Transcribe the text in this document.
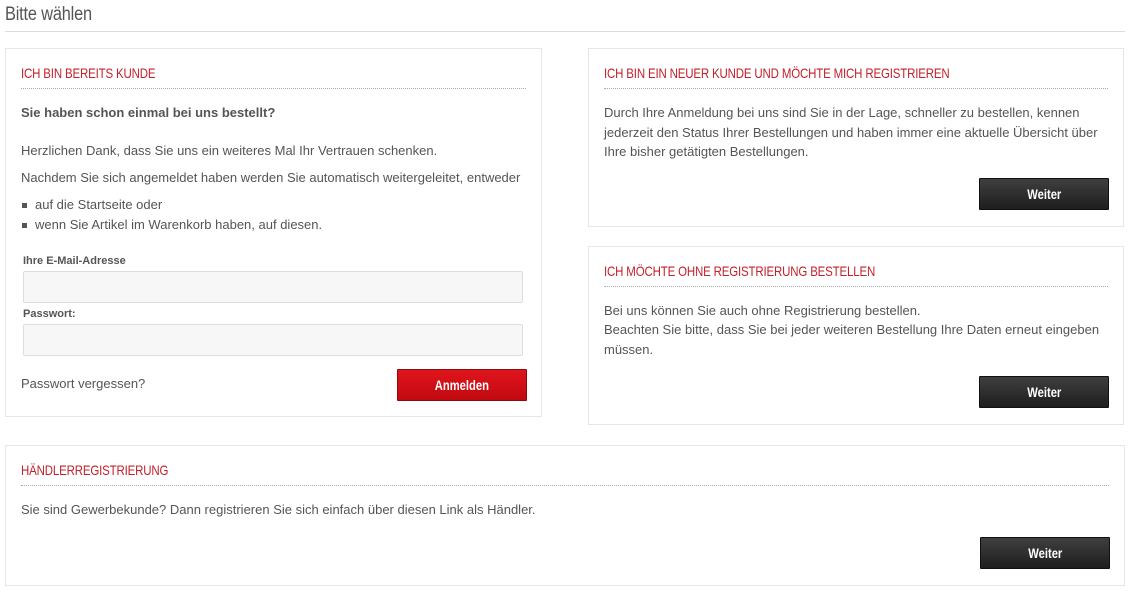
Bitte wählen
ICH BIN BEREITS KUNDE
Sie haben schon einmal bei uns bestellt?
Herzlichen Dank, dass Sie uns ein weiteres Mal Ihr Vertrauen schenken.
Nachdem Sie sich angemeldet haben werden Sie automatisch weitergeleitet, entweder
auf die Startseite oder
wenn Sie Artikel im Warenkorb haben, auf diesen.
Ihre E-Mail-Adresse
Passwort:
Passwort vergessen?	Anmelden
ICH BIN EIN NEUER KUNDE UND MÖCHTE MICH REGISTRIEREN
Durch Ihre Anmeldung bei uns sind Sie in der Lage, schneller zu bestellen, kennen jederzeit den Status Ihrer Bestellungen und haben immer eine aktuelle Übersicht über Ihre bisher getätigten Bestellungen.
Weiter
ICH MÖCHTE OHNE REGISTRIERUNG BESTELLEN
Bei uns können Sie auch ohne Registrierung bestellen.
Beachten Sie bitte, dass Sie bei jeder weiteren Bestellung Ihre Daten erneut eingeben müssen.
Weiter
HÄNDLERREGISTRIERUNG
Sie sind Gewerbekunde? Dann registrieren Sie sich einfach über diesen Link als Händler.
Weiter
